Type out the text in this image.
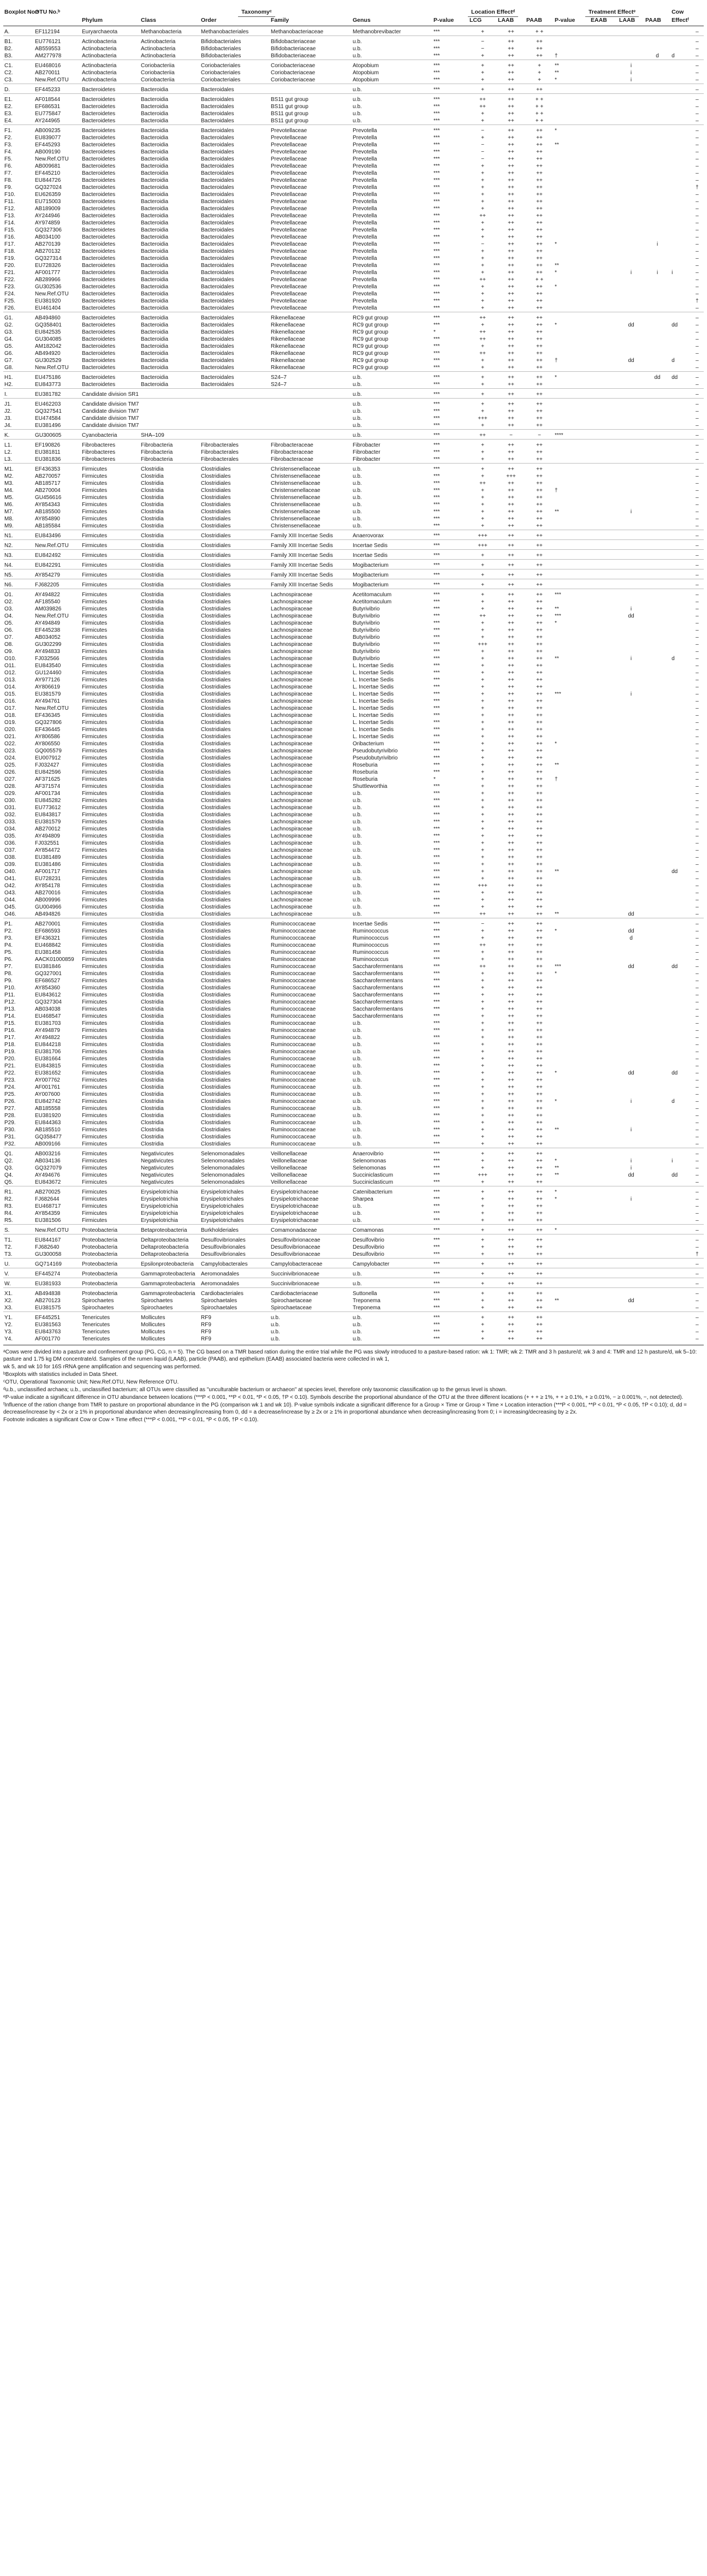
Boxplot No.ᵃ	OTU No.ᵇ	Taxonomyᶜ					Location Effectᵈ				Treatment Effectᵉ				Cow		
		Phylum	Class	Order	Family	Genus	P-value	LCG	LAAB	PAAB	P-value	EAAB	LAAB	PAAB	Effectᶠ		
A.	EF112194	Euryarchaeota	Methanobacteria	Methanobacteriales	Methanobacteriaceae	Methanobrevibacter	***	+	++	+ +						–	
B1.	EU776121	Actinobacteria	Actinobacteria	Bifidobacteriales	Bifidobacteriaceae	u.b.	***	−	++	++						–	
B2.	AB559553	Actinobacteria	Actinobacteria	Bifidobacteriales	Bifidobacteriaceae	u.b.	***	−	++	++						–	
B3.	AM277978	Actinobacteria	Actinobacteria	Bifidobacteriales	Bifidobacteriaceae	u.b.	***	+	++	++	†			d	d	–	
C1.	EU468016	Actinobacteria	Coriobacteriia	Coriobacteriales	Coriobacteriaceae	Atopobium	***	+	++	+	**		i			–	
C2.	AB270011	Actinobacteria	Coriobacteriia	Coriobacteriales	Coriobacteriaceae	Atopobium	***	+	++	+	**		i			–	
C3.	New.Ref.OTU	Actinobacteria	Coriobacteriia	Coriobacteriales	Coriobacteriaceae	Atopobium	***	+	++	+	*		i			–	
D.	EF445233	Bacteroidetes	Bacteroidia	Bacteroidales		u.b.	***	+	++	++						–	
E1.	AF018544	Bacteroidetes	Bacteroidia	Bacteroidales	BS11 gut group	u.b.	***	++	++	+ +						–	
E2.	EF686531	Bacteroidetes	Bacteroidia	Bacteroidales	BS11 gut group	u.b.	***	++	++	+ +						–	
E3.	EU775847	Bacteroidetes	Bacteroidia	Bacteroidales	BS11 gut group	u.b.	***	+	++	+ +						–	
E4.	AY244965	Bacteroidetes	Bacteroidia	Bacteroidales	BS11 gut group	u.b.	***	+	++	+ +						–	
F1.	AB009235	Bacteroidetes	Bacteroidia	Bacteroidales	Prevotellaceae	Prevotella	***	−	++	++	*					–	
F2.	EU839077	Bacteroidetes	Bacteroidia	Bacteroidales	Prevotellaceae	Prevotella	***	+	++	++						–	
F3.	EF445293	Bacteroidetes	Bacteroidia	Bacteroidales	Prevotellaceae	Prevotella	***	−	++	++	**					–	
F4.	AB009190	Bacteroidetes	Bacteroidia	Bacteroidales	Prevotellaceae	Prevotella	***	−	++	++						–	
F5.	New.Ref.OTU	Bacteroidetes	Bacteroidia	Bacteroidales	Prevotellaceae	Prevotella	***	−	++	++						–	
F6.	AB009681	Bacteroidetes	Bacteroidia	Bacteroidales	Prevotellaceae	Prevotella	***	+	++	++						–	
F7.	EF445210	Bacteroidetes	Bacteroidia	Bacteroidales	Prevotellaceae	Prevotella	***	+	++	++						–	
F8.	EU844726	Bacteroidetes	Bacteroidia	Bacteroidales	Prevotellaceae	Prevotella	***	+	++	++						–	
F9.	GQ327024	Bacteroidetes	Bacteroidia	Bacteroidales	Prevotellaceae	Prevotella	***	+	++	++						†	
F10.	EU626359	Bacteroidetes	Bacteroidia	Bacteroidales	Prevotellaceae	Prevotella	***	+	++	++						–	
F11.	EU715003	Bacteroidetes	Bacteroidia	Bacteroidales	Prevotellaceae	Prevotella	***	+	++	++						–	
F12.	AB189009	Bacteroidetes	Bacteroidia	Bacteroidales	Prevotellaceae	Prevotella	***	+	++	++						–	
F13.	AY244946	Bacteroidetes	Bacteroidia	Bacteroidales	Prevotellaceae	Prevotella	***	++	++	++						–	
F14.	AY974859	Bacteroidetes	Bacteroidia	Bacteroidales	Prevotellaceae	Prevotella	***	+	++	++						–	
F15.	GQ327306	Bacteroidetes	Bacteroidia	Bacteroidales	Prevotellaceae	Prevotella	***	+	++	++						–	
F16.	AB034100	Bacteroidetes	Bacteroidia	Bacteroidales	Prevotellaceae	Prevotella	***	+	++	++						–	
F17.	AB270139	Bacteroidetes	Bacteroidia	Bacteroidales	Prevotellaceae	Prevotella	***	−	++	++	*			i		–	
F18.	AB270132	Bacteroidetes	Bacteroidia	Bacteroidales	Prevotellaceae	Prevotella	***	+	++	++						–	
F19.	GQ327314	Bacteroidetes	Bacteroidia	Bacteroidales	Prevotellaceae	Prevotella	***	+	++	++						–	
F20.	EU728326	Bacteroidetes	Bacteroidia	Bacteroidales	Prevotellaceae	Prevotella	***	+	++	++	**					–	
F21.	AF001777	Bacteroidetes	Bacteroidia	Bacteroidales	Prevotellaceae	Prevotella	***	+	++	++	*		i	i	i	–	
F22.	AB289966	Bacteroidetes	Bacteroidia	Bacteroidales	Prevotellaceae	Prevotella	***	++	++	+ +						–	
F23.	GU302536	Bacteroidetes	Bacteroidia	Bacteroidales	Prevotellaceae	Prevotella	***	+	++	++	*					–	
F24.	New.Ref.OTU	Bacteroidetes	Bacteroidia	Bacteroidales	Prevotellaceae	Prevotella	***	+	++	++						–	
F25.	EU381920	Bacteroidetes	Bacteroidia	Bacteroidales	Prevotellaceae	Prevotella	***	+	++	++						†	
F26.	EU461404	Bacteroidetes	Bacteroidia	Bacteroidales	Prevotellaceae	Prevotella	***	+	++	++						–	
G1.	AB494860	Bacteroidetes	Bacteroidia	Bacteroidales	Rikenellaceae	RC9 gut group	***	++	++	++						–	
G2.	GQ358401	Bacteroidetes	Bacteroidia	Bacteroidales	Rikenellaceae	RC9 gut group	***	+	++	++	*		dd		dd	–	
G3.	EU842535	Bacteroidetes	Bacteroidia	Bacteroidales	Rikenellaceae	RC9 gut group	*	++	++	++						–	
G4.	GU304085	Bacteroidetes	Bacteroidia	Bacteroidales	Rikenellaceae	RC9 gut group	***	++	++	++						–	
G5.	AM182042	Bacteroidetes	Bacteroidia	Bacteroidales	Rikenellaceae	RC9 gut group	***	+	++	++						–	
G6.	AB494920	Bacteroidetes	Bacteroidia	Bacteroidales	Rikenellaceae	RC9 gut group	***	++	++	++						–	
G7.	GU302529	Bacteroidetes	Bacteroidia	Bacteroidales	Rikenellaceae	RC9 gut group	***	+	++	++	†		dd		d	–	
G8.	New.Ref.OTU	Bacteroidetes	Bacteroidia	Bacteroidales	Rikenellaceae	RC9 gut group	***	+	++	++						–	
H1.	EU475186	Bacteroidetes	Bacteroidia	Bacteroidales	S24–7	u.b.	***	+	++	++	*			dd	dd	–	
H2.	EU843773	Bacteroidetes	Bacteroidia	Bacteroidales	S24–7	u.b.	***	+	++	++						–	
I.	EU381782	Candidate division SR1				u.b.	***	+	++	++						–	
J1.	EU462203	Candidate division TM7				u.b.	***	+	++	++						–	
J2.	GQ327541	Candidate division TM7				u.b.	***	+	++	++						–	
J3.	EU474584	Candidate division TM7				u.b.	***	+++	++	++						–	
J4.	EU381496	Candidate division TM7				u.b.	***	+	++	++						–	
K.	GU300605	Cyanobacteria	SHA–109			u.b.	***	++	−	−	****					–	
L1.	EF190826	Fibrobacteres	Fibrobacteria	Fibrobacterales	Fibrobacteraceae	Fibrobacter	***	+	++	++						–	
L2.	EU381811	Fibrobacteres	Fibrobacteria	Fibrobacterales	Fibrobacteraceae	Fibrobacter	***	+	++	++						–	
L3.	EU381836	Fibrobacteres	Fibrobacteria	Fibrobacterales	Fibrobacteraceae	Fibrobacter	***	+	++	++						–	
M1.	EF436353	Firmicutes	Clostridia	Clostridiales	Christensenellaceae	u.b.	***	+	++	++						–	
M2.	AB270057	Firmicutes	Clostridia	Clostridiales	Christensenellaceae	u.b.	***	+	+++	++						–	
M3.	AB185717	Firmicutes	Clostridia	Clostridiales	Christensenellaceae	u.b.	***	++	++	++						–	
M4.	AB270004	Firmicutes	Clostridia	Clostridiales	Christensenellaceae	u.b.	***	+	++	++	†					–	
M5.	GU456616	Firmicutes	Clostridia	Clostridiales	Christensenellaceae	u.b.	***	+	++	++						–	
M6.	AY854343	Firmicutes	Clostridia	Clostridiales	Christensenellaceae	u.b.	***	+	++	++						–	
M7.	AB185500	Firmicutes	Clostridia	Clostridiales	Christensenellaceae	u.b.	***	+	++	++	**		i			–	
M8.	AY854890	Firmicutes	Clostridia	Clostridiales	Christensenellaceae	u.b.	***	+	++	++						–	
M9.	AB185584	Firmicutes	Clostridia	Clostridiales	Christensenellaceae	u.b.	***	+	++	++						–	
N1.	EU843496	Firmicutes	Clostridia	Clostridiales	Family XIII Incertae Sedis	Anaerovorax	***	+++	++	++						–	
N2.	New.Ref.OTU	Firmicutes	Clostridia	Clostridiales	Family XIII Incertae Sedis	Incertae Sedis	***	+++	++	++						–	
N3.	EU842492	Firmicutes	Clostridia	Clostridiales	Family XIII Incertae Sedis	Incertae Sedis	***	+	++	++						–	
N4.	EU842291	Firmicutes	Clostridia	Clostridiales	Family XIII Incertae Sedis	Mogibacterium	***	+	++	++						–	
N5.	AY854279	Firmicutes	Clostridia	Clostridiales	Family XIII Incertae Sedis	Mogibacterium	***	+	++	++						–	
N6.	FJ682205	Firmicutes	Clostridia	Clostridiales	Family XIII Incertae Sedis	Mogibacterium	***	+	++	++						–	
O1.	AY494822	Firmicutes	Clostridia	Clostridiales	Lachnospiraceae	Acetitomaculum	***	+	++	++	***					–	
O2.	AF185540	Firmicutes	Clostridia	Clostridiales	Lachnospiraceae	Acetitomaculum	***	+	++	++						–	
O3.	AM039826	Firmicutes	Clostridia	Clostridiales	Lachnospiraceae	Butyrivibrio	***	+	++	++	**		i			–	
O4.	New.Ref.OTU	Firmicutes	Clostridia	Clostridiales	Lachnospiraceae	Butyrivibrio	***	++	++	++	***		dd			–	
O5.	AY494849	Firmicutes	Clostridia	Clostridiales	Lachnospiraceae	Butyrivibrio	***	+	++	++	*					–	
O6.	EF445238	Firmicutes	Clostridia	Clostridiales	Lachnospiraceae	Butyrivibrio	***	+	++	++						–	
O7.	AB034052	Firmicutes	Clostridia	Clostridiales	Lachnospiraceae	Butyrivibrio	***	+	++	++						–	
O8.	GU302299	Firmicutes	Clostridia	Clostridiales	Lachnospiraceae	Butyrivibrio	***	+++	++	++						–	
O9.	AY494833	Firmicutes	Clostridia	Clostridiales	Lachnospiraceae	Butyrivibrio	***	+	++	++						–	
O10.	FJ032566	Firmicutes	Clostridia	Clostridiales	Lachnospiraceae	Butyrivibrio	***	+	++	++	**		i		d	–	
O11.	EU843540	Firmicutes	Clostridia	Clostridiales	Lachnospiraceae	L. Incertae Sedis	***	+	++	++						–	
O12.	GU124460	Firmicutes	Clostridia	Clostridiales	Lachnospiraceae	L. Incertae Sedis	***	+	++	++						–	
O13.	AY977126	Firmicutes	Clostridia	Clostridiales	Lachnospiraceae	L. Incertae Sedis	***	+	++	++						–	
O14.	AY806619	Firmicutes	Clostridia	Clostridiales	Lachnospiraceae	L. Incertae Sedis	***	+	++	++						–	
O15.	EU381579	Firmicutes	Clostridia	Clostridiales	Lachnospiraceae	L. Incertae Sedis	***	+	++	++	***		i			–	
O16.	AY494761	Firmicutes	Clostridia	Clostridiales	Lachnospiraceae	L. Incertae Sedis	***	+	++	++						–	
O17.	New.Ref.OTU	Firmicutes	Clostridia	Clostridiales	Lachnospiraceae	L. Incertae Sedis	***	+	++	++						–	
O18.	EF436345	Firmicutes	Clostridia	Clostridiales	Lachnospiraceae	L. Incertae Sedis	***	+	++	++						–	
O19.	GQ327806	Firmicutes	Clostridia	Clostridiales	Lachnospiraceae	L. Incertae Sedis	***	+	++	++						–	
O20.	EF436445	Firmicutes	Clostridia	Clostridiales	Lachnospiraceae	L. Incertae Sedis	***	+	++	++						–	
O21.	AY806586	Firmicutes	Clostridia	Clostridiales	Lachnospiraceae	L. Incertae Sedis	***	+	++	++						–	
O22.	AY806550	Firmicutes	Clostridia	Clostridiales	Lachnospiraceae	Oribacterium	***	+	++	++	*					–	
O23.	GQ005579	Firmicutes	Clostridia	Clostridiales	Lachnospiraceae	Pseudobutyrivibrio	***	+	++	++						–	
O24.	EU007912	Firmicutes	Clostridia	Clostridiales	Lachnospiraceae	Pseudobutyrivibrio	***	+	++	++						–	
O25.	FJ032427	Firmicutes	Clostridia	Clostridiales	Lachnospiraceae	Roseburia	***	+	++	++	**					–	
O26.	EU842596	Firmicutes	Clostridia	Clostridiales	Lachnospiraceae	Roseburia	***	+	++	++						–	
O27.	AF371625	Firmicutes	Clostridia	Clostridiales	Lachnospiraceae	Roseburia	*	+	++	++	†					–	
O28.	AF371574	Firmicutes	Clostridia	Clostridiales	Lachnospiraceae	Shuttleworthia	***	+	++	++						–	
O29.	AF001734	Firmicutes	Clostridia	Clostridiales	Lachnospiraceae	u.b.	***	+	++	++						–	
O30.	EU845282	Firmicutes	Clostridia	Clostridiales	Lachnospiraceae	u.b.	***	+	++	++						–	
O31.	EU773612	Firmicutes	Clostridia	Clostridiales	Lachnospiraceae	u.b.	***	+	++	++						–	
O32.	EU843817	Firmicutes	Clostridia	Clostridiales	Lachnospiraceae	u.b.	***	+	++	++						–	
O33.	EU381579	Firmicutes	Clostridia	Clostridiales	Lachnospiraceae	u.b.	***	+	++	++						–	
O34.	AB270012	Firmicutes	Clostridia	Clostridiales	Lachnospiraceae	u.b.	***	+	++	++						–	
O35.	AY494809	Firmicutes	Clostridia	Clostridiales	Lachnospiraceae	u.b.	***	+	++	++						–	
O36.	FJ032551	Firmicutes	Clostridia	Clostridiales	Lachnospiraceae	u.b.	***	+	++	++						–	
O37.	AY854472	Firmicutes	Clostridia	Clostridiales	Lachnospiraceae	u.b.	***	+	++	++						–	
O38.	EU381489	Firmicutes	Clostridia	Clostridiales	Lachnospiraceae	u.b.	***	+	++	++						–	
O39.	EU381486	Firmicutes	Clostridia	Clostridiales	Lachnospiraceae	u.b.	***	+	++	++						–	
O40.	AF001717	Firmicutes	Clostridia	Clostridiales	Lachnospiraceae	u.b.	***	+	++	++	**				dd	–	
O41.	EU728231	Firmicutes	Clostridia	Clostridiales	Lachnospiraceae	u.b.	***	+	++	++						–	
O42.	AY854178	Firmicutes	Clostridia	Clostridiales	Lachnospiraceae	u.b.	***	+++	++	++						–	
O43.	AB270016	Firmicutes	Clostridia	Clostridiales	Lachnospiraceae	u.b.	***	+	++	++						–	
O44.	AB009996	Firmicutes	Clostridia	Clostridiales	Lachnospiraceae	u.b.	***	+	++	++						–	
O45.	GU004966	Firmicutes	Clostridia	Clostridiales	Lachnospiraceae	u.b.	***	+	++	++						–	
O46.	AB494826	Firmicutes	Clostridia	Clostridiales	Lachnospiraceae	u.b.	***	++	++	++	**		dd			–	
P1.	AB270001	Firmicutes	Clostridia	Clostridiales	Ruminococcaceae	Incertae Sedis	***	−	++	++						–	
P2.	EF686593	Firmicutes	Clostridia	Clostridiales	Ruminococcaceae	Ruminococcus	***	+	++	++	*		dd			–	
P3.	EF436321	Firmicutes	Clostridia	Clostridiales	Ruminococcaceae	Ruminococcus	***	+	++	++			d			–	
P4.	EU468842	Firmicutes	Clostridia	Clostridiales	Ruminococcaceae	Ruminococcus	***	++	++	++						–	
P5.	EU381458	Firmicutes	Clostridia	Clostridiales	Ruminococcaceae	Ruminococcus	***	+	++	++						–	
P6.	AACK01000859	Firmicutes	Clostridia	Clostridiales	Ruminococcaceae	Ruminococcus	***	+	++	++						–	
P7.	EU381846	Firmicutes	Clostridia	Clostridiales	Ruminococcaceae	Saccharofermentans	***	++	++	++	***		dd		dd	–	
P8.	GQ327001	Firmicutes	Clostridia	Clostridiales	Ruminococcaceae	Saccharofermentans	***	+	++	++	*					–	
P9.	EF686527	Firmicutes	Clostridia	Clostridiales	Ruminococcaceae	Saccharofermentans	***	+	++	++						–	
P10.	AY854360	Firmicutes	Clostridia	Clostridiales	Ruminococcaceae	Saccharofermentans	***	+	++	++						–	
P11.	EU843612	Firmicutes	Clostridia	Clostridiales	Ruminococcaceae	Saccharofermentans	***	+	++	++						–	
P12.	GQ327304	Firmicutes	Clostridia	Clostridiales	Ruminococcaceae	Saccharofermentans	***	+	++	++						–	
P13.	AB034038	Firmicutes	Clostridia	Clostridiales	Ruminococcaceae	Saccharofermentans	***	+	++	++						–	
P14.	EU468547	Firmicutes	Clostridia	Clostridiales	Ruminococcaceae	Saccharofermentans	***	+	++	++						–	
P15.	EU381703	Firmicutes	Clostridia	Clostridiales	Ruminococcaceae	u.b.	***	+	++	++						–	
P16.	AY494879	Firmicutes	Clostridia	Clostridiales	Ruminococcaceae	u.b.	***	+	++	++						–	
P17.	AY494822	Firmicutes	Clostridia	Clostridiales	Ruminococcaceae	u.b.	***	+	++	++						–	
P18.	EU844218	Firmicutes	Clostridia	Clostridiales	Ruminococcaceae	u.b.	***	+	++	++						–	
P19.	EU381706	Firmicutes	Clostridia	Clostridiales	Ruminococcaceae	u.b.	***	+	++	++						–	
P20.	EU381664	Firmicutes	Clostridia	Clostridiales	Ruminococcaceae	u.b.	***	+	++	++						–	
P21.	EU843815	Firmicutes	Clostridia	Clostridiales	Ruminococcaceae	u.b.	***	+	++	++						–	
P22.	EU381652	Firmicutes	Clostridia	Clostridiales	Ruminococcaceae	u.b.	***	+	++	++	*		dd		dd	–	
P23.	AY007762	Firmicutes	Clostridia	Clostridiales	Ruminococcaceae	u.b.	***	+	++	++						–	
P24.	AF001761	Firmicutes	Clostridia	Clostridiales	Ruminococcaceae	u.b.	***	+	++	++						–	
P25.	AY007600	Firmicutes	Clostridia	Clostridiales	Ruminococcaceae	u.b.	***	+	++	++						–	
P26.	EU842742	Firmicutes	Clostridia	Clostridiales	Ruminococcaceae	u.b.	***	+	++	++	*		i		d	–	
P27.	AB185558	Firmicutes	Clostridia	Clostridiales	Ruminococcaceae	u.b.	***	+	++	++						–	
P28.	EU381920	Firmicutes	Clostridia	Clostridiales	Ruminococcaceae	u.b.	***	+	++	++						–	
P29.	EU844363	Firmicutes	Clostridia	Clostridiales	Ruminococcaceae	u.b.	***	+	++	++						–	
P30.	AB185510	Firmicutes	Clostridia	Clostridiales	Ruminococcaceae	u.b.	***	+	++	++	**		i			–	
P31.	GQ358477	Firmicutes	Clostridia	Clostridiales	Ruminococcaceae	u.b.	***	+	++	++						–	
P32.	AB009166	Firmicutes	Clostridia	Clostridiales	Ruminococcaceae	u.b.	***	+	++	++						–	
Q1.	AB003216	Firmicutes	Negativicutes	Selenomonadales	Veillonellaceae	Anaerovibrio	***	+	++	++						–	
Q2.	AB034136	Firmicutes	Negativicutes	Selenomonadales	Veillonellaceae	Selenomonas	***	+	++	++	*		i		i	–	
Q3.	GQ327079	Firmicutes	Negativicutes	Selenomonadales	Veillonellaceae	Selenomonas	***	+	++	++	**		i			–	
Q4.	AY494676	Firmicutes	Negativicutes	Selenomonadales	Veillonellaceae	Succiniclasticum	***	+++	++	++	**		dd		dd	–	
Q5.	EU843672	Firmicutes	Negativicutes	Selenomonadales	Veillonellaceae	Succiniclasticum	***	+	++	++						–	
R1.	AB270025	Firmicutes	Erysipelotrichia	Erysipelotrichales	Erysipelotrichaceae	Catenibacterium	***	+	++	++	*					–	
R2.	FJ682644	Firmicutes	Erysipelotrichia	Erysipelotrichales	Erysipelotrichaceae	Sharpea	***	+	++	++	*		i			–	
R3.	EU468717	Firmicutes	Erysipelotrichia	Erysipelotrichales	Erysipelotrichaceae	u.b.	***	+	++	++						–	
R4.	AY854359	Firmicutes	Erysipelotrichia	Erysipelotrichales	Erysipelotrichaceae	u.b.	***	+	++	++						–	
R5.	EU381506	Firmicutes	Erysipelotrichia	Erysipelotrichales	Erysipelotrichaceae	u.b.	***	+	++	++						–	
S.	New.Ref.OTU	Proteobacteria	Betaproteobacteria	Burkholderiales	Comamonadaceae	Comamonas	***	+	++	++	*					–	
T1.	EU844167	Proteobacteria	Deltaproteobacteria	Desulfovibrionales	Desulfovibrionaceae	Desulfovibrio	***	+	++	++						–	
T2.	FJ682640	Proteobacteria	Deltaproteobacteria	Desulfovibrionales	Desulfovibrionaceae	Desulfovibrio	***	+	++	++						–	
T3.	GU300058	Proteobacteria	Deltaproteobacteria	Desulfovibrionales	Desulfovibrionaceae	Desulfovibrio	***	+	++	++						†	
U.	GQ714169	Proteobacteria	Epsilonproteobacteria	Campylobacterales	Campylobacteraceae	Campylobacter	***	+	++	++						–	
V.	EF445274	Proteobacteria	Gammaproteobacteria	Aeromonadales	Succinivibrionaceae	u.b.	***	+	++	++						–	
W.	EU381933	Proteobacteria	Gammaproteobacteria	Aeromonadales	Succinivibrionaceae	u.b.	***	+	++	++						–	
X1.	AB494838	Proteobacteria	Gammaproteobacteria	Cardiobacteriales	Cardiobacteriaceae	Suttonella	***	+	++	++						–	
X2.	AB270123	Spirochaetes	Spirochaetes	Spirochaetales	Spirochaetaceae	Treponema	***	+	++	++	**		dd			–	
X3.	EU381575	Spirochaetes	Spirochaetes	Spirochaetales	Spirochaetaceae	Treponema	***	+	++	++						–	
Y1.	EF445251	Tenericutes	Mollicutes	RF9	u.b.	u.b.	***	+	++	++						–	
Y2.	EU381563	Tenericutes	Mollicutes	RF9	u.b.	u.b.	***	+	++	++						–	
Y3.	EU843763	Tenericutes	Mollicutes	RF9	u.b.	u.b.	***	+	++	++						–	
Y4.	AF001770	Tenericutes	Mollicutes	RF9	u.b.	u.b.	***	+	++	++						–	

ᵃCows were divided into a pasture and confinement group (PG, CG, n = 5). The CG based on a TMR based ration during the entire trial while the PG was slowly introduced to a pasture-based ration: wk 1: TMR; wk 2: TMR and 3 h pasture/d; wk 3 and 4: TMR and 12 h pasture/d, wk 5–10: pasture and 1.75 kg DM concentrate/d. Samples of the rumen liquid (LAAB), particle (PAAB), and epithelium (EAAB) associated bacteria were collected in wk 1,

wk 5, and wk 10 for 16S rRNA gene amplification and sequencing was performed.

ᵇBoxplots with statistics included in Data Sheet.

ᶜOTU, Operational Taxonomic Unit; New.Ref.OTU, New Reference OTU.

ᵈu.b., unclassified archaea; u.b., unclassified bacterium; all OTUs were classified as "unculturable bacterium or archaeon" at species level, therefore only taxonomic classification up to the genus level is shown.

ᵉP-value indicate a significant difference in OTU abundance between locations (***P < 0.001, **P < 0.01, *P < 0.05, †P < 0.10). Symbols describe the proportional abundance of the OTU at the three different locations (+ + + ≥ 1%, + + ≥ 0.1%, + ≥ 0.01%, − ≥ 0.001%, −, not detected).

ᶠInfluence of the ration change from TMR to pasture on proportional abundance in the PG (comparison wk 1 and wk 10). P-value symbols indicate a significant difference for a Group × Time or Group × Time × Location interaction (***P < 0.001, **P < 0.01, *P < 0.05, †P < 0.10); d, dd = decrease/increase by < 2x or ≥ 1% in proportional abundance when decreasing/increasing from 0, dd = a decrease/increase by ≥ 2x or ≥ 1% in proportional abundance when decreasing/increasing from 0; i = increasing/decreasing by ≥ 2x.

Footnote indicates a significant Cow or Cow × Time effect (***P < 0.001, **P < 0.01, *P < 0.05, †P < 0.10).
